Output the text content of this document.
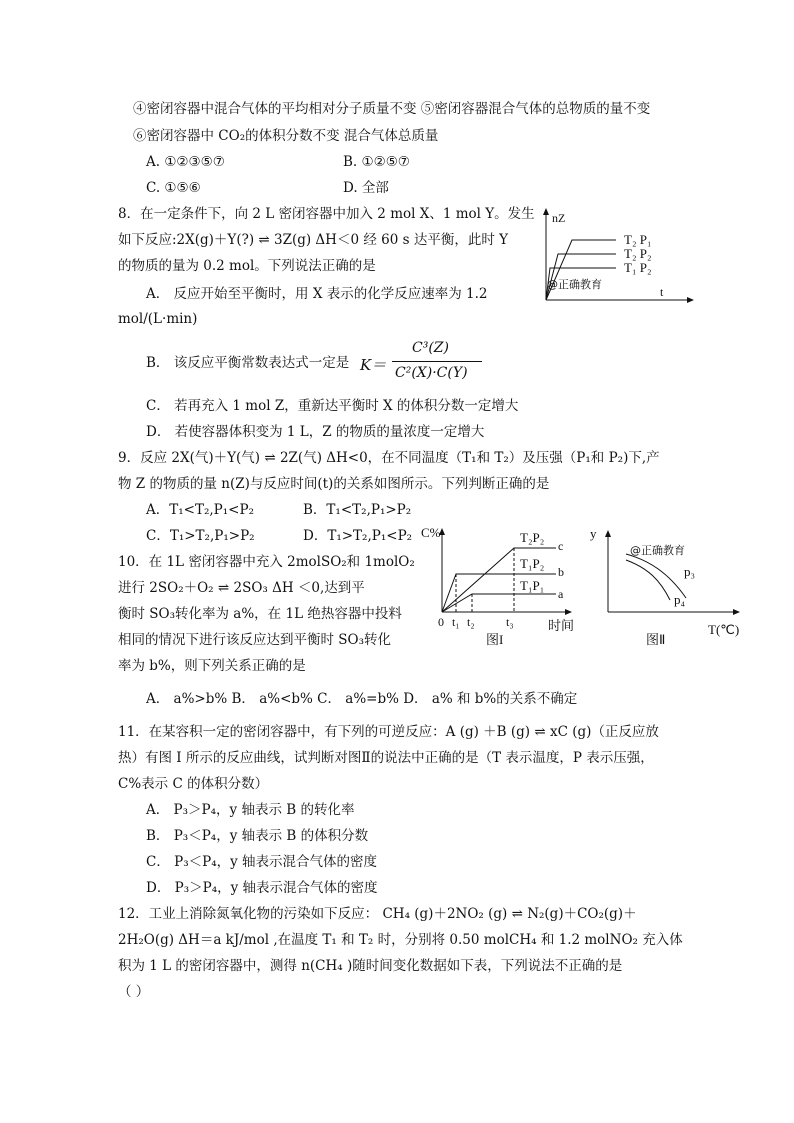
④密闭容器中混合气体的平均相对分子质量不变 ⑤密闭容器混合气体的总物质的量不变
⑥密闭容器中 CO₂的体积分数不变 混合气体总质量
A. ①②③⑤⑦	B. ①②⑤⑦
C. ①⑤⑥	D. 全部
8．在一定条件下，向 2 L 密闭容器中加入 2 mol X、1 mol Y。发生
如下反应:2X(g)＋Y(?) ⇌ 3Z(g) ΔH＜0 经 60 s 达平衡，此时 Y
的物质的量为 0.2 mol。下列说法正确的是
A． 反应开始至平衡时，用 X 表示的化学反应速率为 1.2
mol/(L·min)
B． 该反应平衡常数表达式一定是 K＝
C³(Z)
C²(X)·C(Y)
C． 若再充入 1 mol Z，重新达平衡时 X 的体积分数一定增大
D． 若使容器体积变为 1 L，Z 的物质的量浓度一定增大
9．反应 2X(气)＋Y(气) ⇌ 2Z(气) ΔH<0，在不同温度（T₁和 T₂）及压强（P₁和 P₂)下,产
物 Z 的物质的量 n(Z)与反应时间(t)的关系如图所示。下列判断正确的是
A．T₁<T₂,P₁<P₂	B．T₁<T₂,P₁>P₂
C．T₁>T₂,P₁>P₂	D．T₁>T₂,P₁<P₂
10．在 1L 密闭容器中充入 2molSO₂和 1molO₂
进行 2SO₂＋O₂ ⇌ 2SO₃ ΔH ＜0,达到平
衡时 SO₃转化率为 a%，在 1L 绝热容器中投料
相同的情况下进行该反应达到平衡时 SO₃转化
率为 b%，则下列关系正确的是
A． a%>b% B． a%<b% C． a%=b% D． a% 和 b%的关系不确定
11．在某容积一定的密闭容器中，有下列的可逆反应：A (g) ＋B (g) ⇌ xC (g)（正反应放
热）有图 I 所示的反应曲线，试判断对图Ⅱ的说法中正确的是（T 表示温度，P 表示压强，
C%表示 C 的体积分数）
A． P₃＞P₄，y 轴表示 B 的转化率
B． P₃＜P₄，y 轴表示 B 的体积分数
C． P₃＜P₄，y 轴表示混合气体的密度
D． P₃＞P₄，y 轴表示混合气体的密度
12．工业上消除氮氧化物的污染如下反应： CH₄ (g)＋2NO₂ (g) ⇌ N₂(g)＋CO₂(g)＋
2H₂O(g) ΔH＝a kJ/mol ,在温度 T₁ 和 T₂ 时，分别将 0.50 molCH₄ 和 1.2 molNO₂ 充入体
积为 1 L 的密闭容器中，测得 n(CH₄ )随时间变化数据如下表，下列说法不正确的是
（ ）
nZ
t
T₂ P₁
T₂ P₂
T₁ P₂
@正确教育
C%
时间
0 t₁ t₂	t₃
T₂P₂
T₁P₂
T₁P₁
c
b
a
图I
y
T(℃)
@正确教育
p₃
p₄
图Ⅱ
